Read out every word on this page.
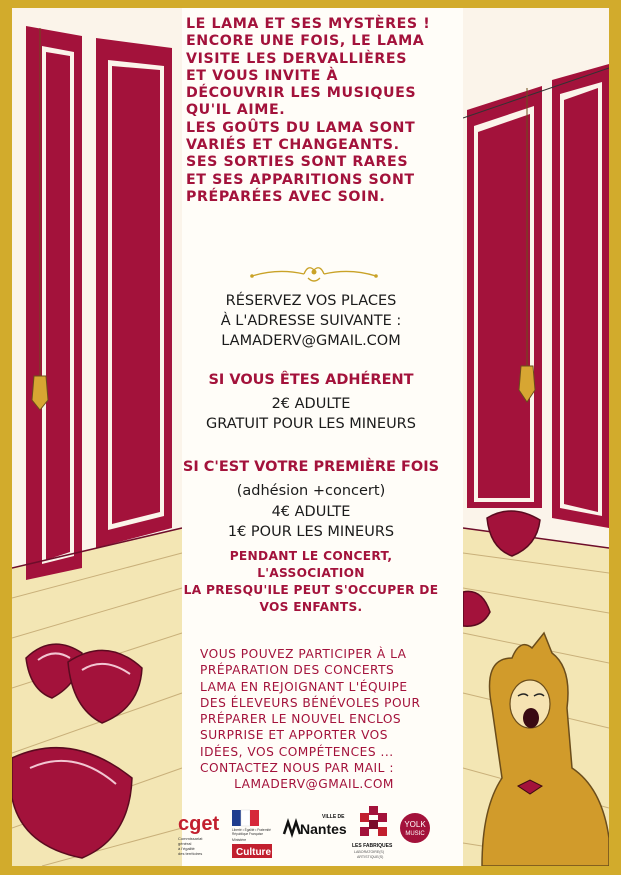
LE LAMA ET SES MYSTÈRES !
ENCORE UNE FOIS, LE LAMA
VISITE LES DERVALLIÈRES
ET VOUS INVITE À
DÉCOUVRIR LES MUSIQUES
QU'IL AIME.
LES GOÛTS DU LAMA SONT
VARIÉS ET CHANGEANTS.
SES SORTIES SONT RARES
ET SES APPARITIONS SONT
PRÉPARÉES AVEC SOIN.
RÉSERVEZ VOS PLACES
À L'ADRESSE SUIVANTE :
LAMADERV@GMAIL.COM
SI VOUS ÊTES ADHÉRENT
2€ ADULTE
GRATUIT POUR LES MINEURS
SI C'EST VOTRE PREMIÈRE FOIS
(adhésion +concert)
4€ ADULTE
1€ POUR LES MINEURS
PENDANT LE CONCERT, L'ASSOCIATION
LA PRESQU'ILE PEUT S'OCCUPER DE
VOS ENFANTS.
VOUS POUVEZ PARTICIPER À LA
PRÉPARATION DES CONCERTS
LAMA EN REJOIGNANT L'ÉQUIPE
DES ÉLEVEURS BÉNÉVOLES POUR
PRÉPARER LE NOUVEL ENCLOS
SURPRISE ET APPORTER VOS
IDÉES, VOS COMPÉTENCES ...
CONTACTEZ NOUS PAR MAIL :
LAMADERV@GMAIL.COM
cget
Commissariat
général
à l'égalité
des territoires
Liberté • Égalité • Fraternité
République Française
Ministère
Culture
VILLE DE
Nantes
LES FABRIQUES
LABORATOIRE(S)
ARTISTIQUE(S)
YOLK
MUSIC
